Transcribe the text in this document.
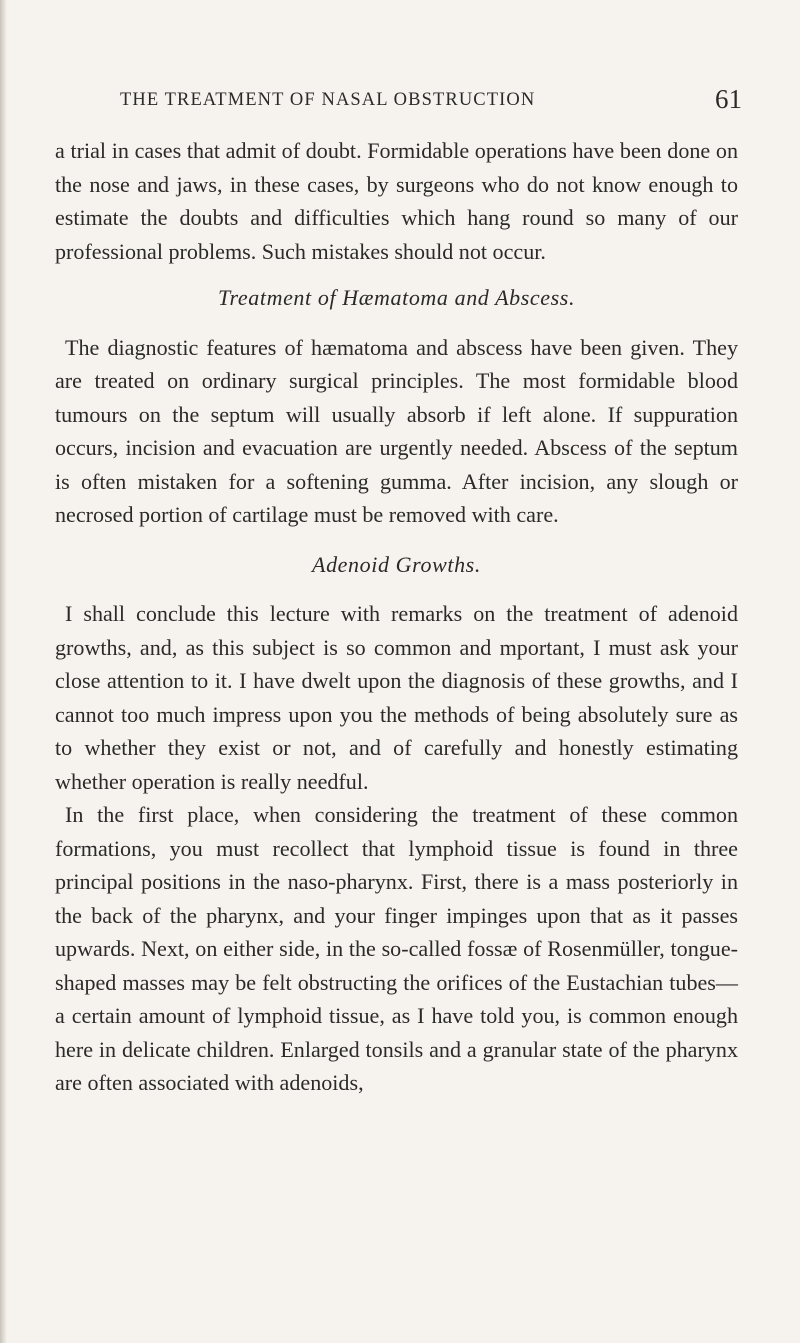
THE TREATMENT OF NASAL OBSTRUCTION	61

a trial in cases that admit of doubt. Formidable operations have been done on the nose and jaws, in these cases, by surgeons who do not know enough to estimate the doubts and difficulties which hang round so many of our professional problems. Such mistakes should not occur.

Treatment of Hæmatoma and Abscess.

The diagnostic features of hæmatoma and abscess have been given. They are treated on ordinary surgical principles. The most formidable blood tumours on the septum will usually absorb if left alone. If suppuration occurs, incision and evacuation are urgently needed. Abscess of the septum is often mistaken for a softening gumma. After incision, any slough or necrosed portion of cartilage must be removed with care.

Adenoid Growths.

I shall conclude this lecture with remarks on the treatment of adenoid growths, and, as this subject is so common and mportant, I must ask your close attention to it. I have dwelt upon the diagnosis of these growths, and I cannot too much impress upon you the methods of being absolutely sure as to whether they exist or not, and of carefully and honestly estimating whether operation is really needful.

In the first place, when considering the treatment of these common formations, you must recollect that lymphoid tissue is found in three principal positions in the naso-pharynx. First, there is a mass posteriorly in the back of the pharynx, and your finger impinges upon that as it passes upwards. Next, on either side, in the so-called fossæ of Rosenmüller, tongue-shaped masses may be felt obstructing the orifices of the Eustachian tubes—a certain amount of lymphoid tissue, as I have told you, is common enough here in delicate children. Enlarged tonsils and a granular state of the pharynx are often associated with adenoids,
